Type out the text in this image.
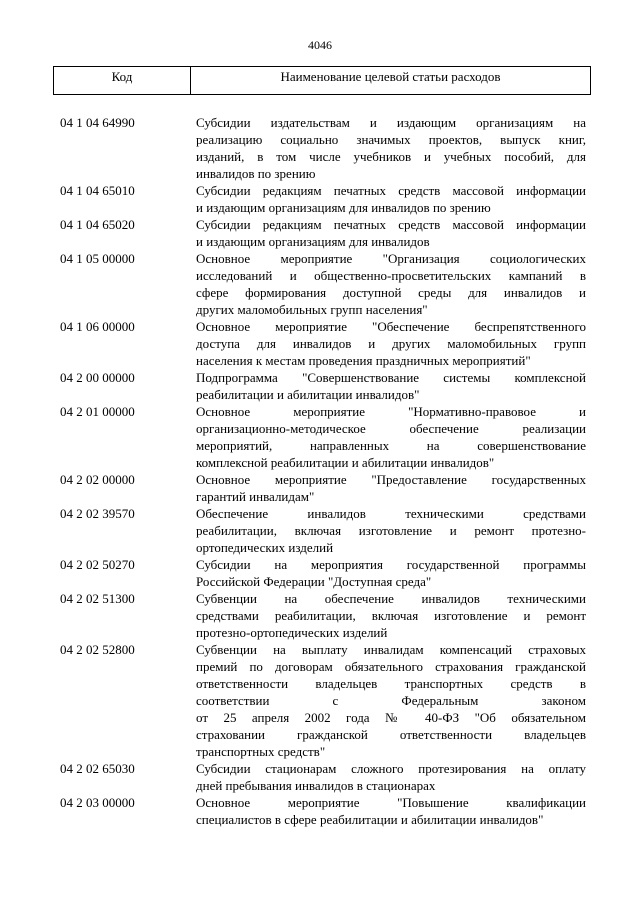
4046
Код	Наименование целевой статьи расходов
04 1 04 64990	Субсидии издательствам и издающим организациям на
реализацию социально значимых проектов, выпуск книг,
изданий, в том числе учебников и учебных пособий, для
инвалидов по зрению
04 1 04 65010	Субсидии редакциям печатных средств массовой информации
и издающим организациям для инвалидов по зрению
04 1 04 65020	Субсидии редакциям печатных средств массовой информации
и издающим организациям для инвалидов
04 1 05 00000	Основное мероприятие "Организация социологических
исследований и общественно-просветительских кампаний в
сфере формирования доступной среды для инвалидов и
других маломобильных групп населения"
04 1 06 00000	Основное мероприятие "Обеспечение беспрепятственного
доступа для инвалидов и других маломобильных групп
населения к местам проведения праздничных мероприятий"
04 2 00 00000	Подпрограмма "Совершенствование системы комплексной
реабилитации и абилитации инвалидов"
04 2 01 00000	Основное мероприятие "Нормативно-правовое и
организационно-методическое обеспечение реализации
мероприятий, направленных на совершенствование
комплексной реабилитации и абилитации инвалидов"
04 2 02 00000	Основное мероприятие "Предоставление государственных
гарантий инвалидам"
04 2 02 39570	Обеспечение инвалидов техническими средствами
реабилитации, включая изготовление и ремонт протезно-
ортопедических изделий
04 2 02 50270	Субсидии на мероприятия государственной программы
Российской Федерации "Доступная среда"
04 2 02 51300	Субвенции на обеспечение инвалидов техническими
средствами реабилитации, включая изготовление и ремонт
протезно-ортопедических изделий
04 2 02 52800	Субвенции на выплату инвалидам компенсаций страховых
премий по договорам обязательного страхования гражданской
ответственности владельцев транспортных средств в
соответствии с Федеральным законом
от 25 апреля 2002 года № 40-ФЗ "Об обязательном
страховании гражданской ответственности владельцев
транспортных средств"
04 2 02 65030	Субсидии стационарам сложного протезирования на оплату
дней пребывания инвалидов в стационарах
04 2 03 00000	Основное мероприятие "Повышение квалификации
специалистов в сфере реабилитации и абилитации инвалидов"
